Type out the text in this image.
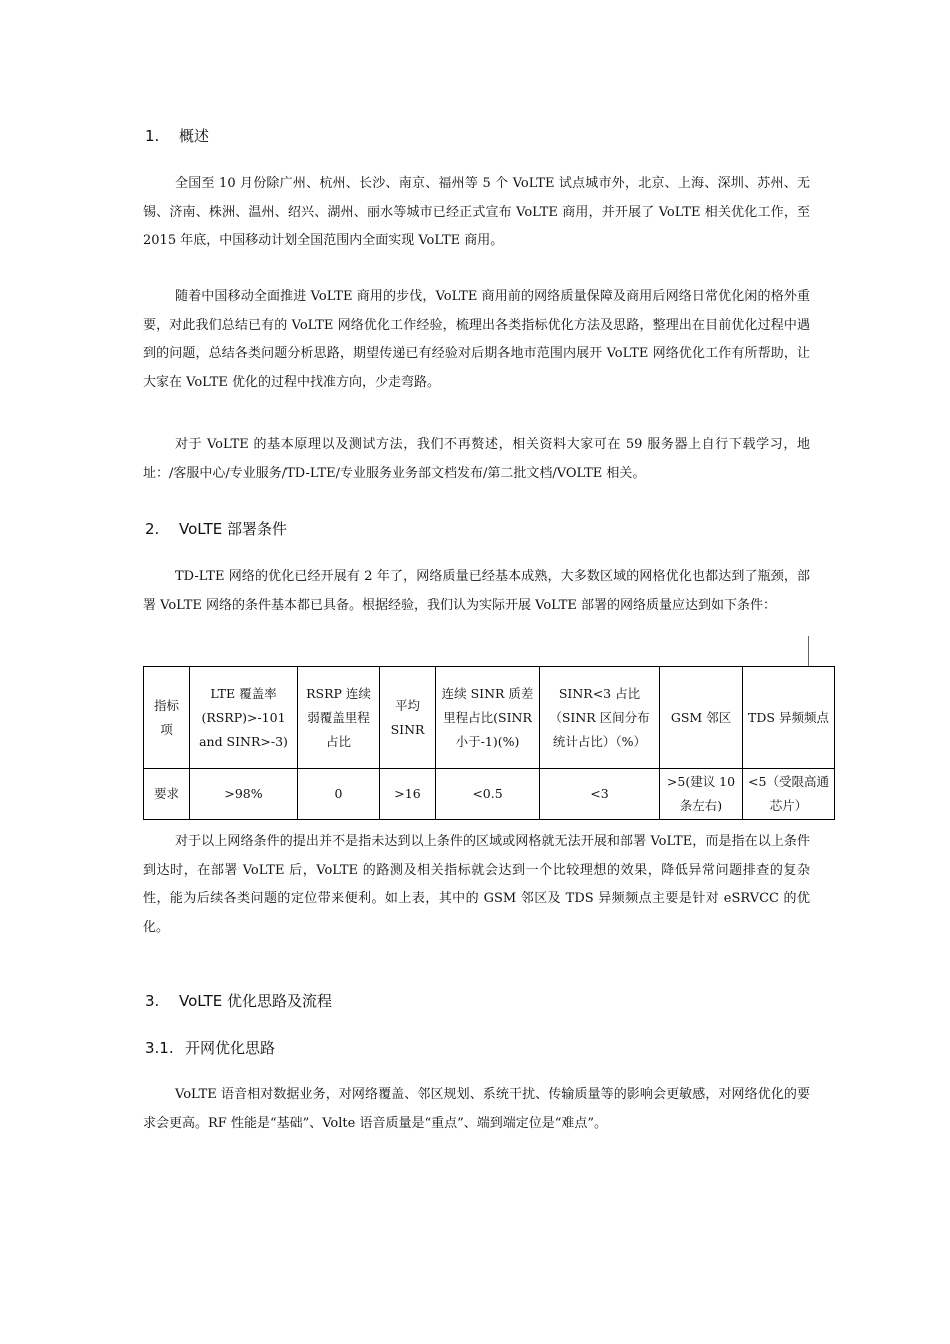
1. 概述

全国至 10 月份除广州、杭州、长沙、南京、福州等 5 个 VoLTE 试点城市外，北京、上海、深圳、苏州、无锡、济南、株洲、温州、绍兴、湖州、丽水等城市已经正式宣布 VoLTE 商用，并开展了 VoLTE 相关优化工作，至 2015 年底，中国移动计划全国范围内全面实现 VoLTE 商用。

随着中国移动全面推进 VoLTE 商用的步伐，VoLTE 商用前的网络质量保障及商用后网络日常优化闲的格外重要，对此我们总结已有的 VoLTE 网络优化工作经验，梳理出各类指标优化方法及思路，整理出在目前优化过程中遇到的问题，总结各类问题分析思路，期望传递已有经验对后期各地市范围内展开 VoLTE 网络优化工作有所帮助，让大家在 VoLTE 优化的过程中找准方向，少走弯路。

对于 VoLTE 的基本原理以及测试方法，我们不再赘述，相关资料大家可在 59 服务器上自行下载学习，地址：/客服中心/专业服务/TD-LTE/专业服务业务部文档发布/第二批文档/VOLTE 相关。

2. VoLTE 部署条件

TD-LTE 网络的优化已经开展有 2 年了，网络质量已经基本成熟，大多数区域的网格优化也都达到了瓶颈，部署 VoLTE 网络的条件基本都已具备。根据经验，我们认为实际开展 VoLTE 部署的网络质量应达到如下条件：

指标项	LTE 覆盖率(RSRP)>-101 and SINR>-3)	RSRP 连续弱覆盖里程占比	平均 SINR	连续 SINR 质差里程占比(SINR 小于-1)(%)	SINR<3 占比（SINR 区间分布统计占比）（%）	GSM 邻区	TDS 异频频点
要求	>98%	0	>16	<0.5	<3	>5(建议 10 条左右)	<5（受限高通芯片）

对于以上网络条件的提出并不是指未达到以上条件的区域或网格就无法开展和部署 VoLTE，而是指在以上条件到达时，在部署 VoLTE 后，VoLTE 的路测及相关指标就会达到一个比较理想的效果，降低异常问题排查的复杂性，能为后续各类问题的定位带来便利。如上表，其中的 GSM 邻区及 TDS 异频频点主要是针对 eSRVCC 的优化。

3. VoLTE 优化思路及流程
3.1. 开网优化思路

VoLTE 语音相对数据业务，对网络覆盖、邻区规划、系统干扰、传输质量等的影响会更敏感，对网络优化的要求会更高。RF 性能是“基础”、Volte 语音质量是“重点”、端到端定位是“难点”。
